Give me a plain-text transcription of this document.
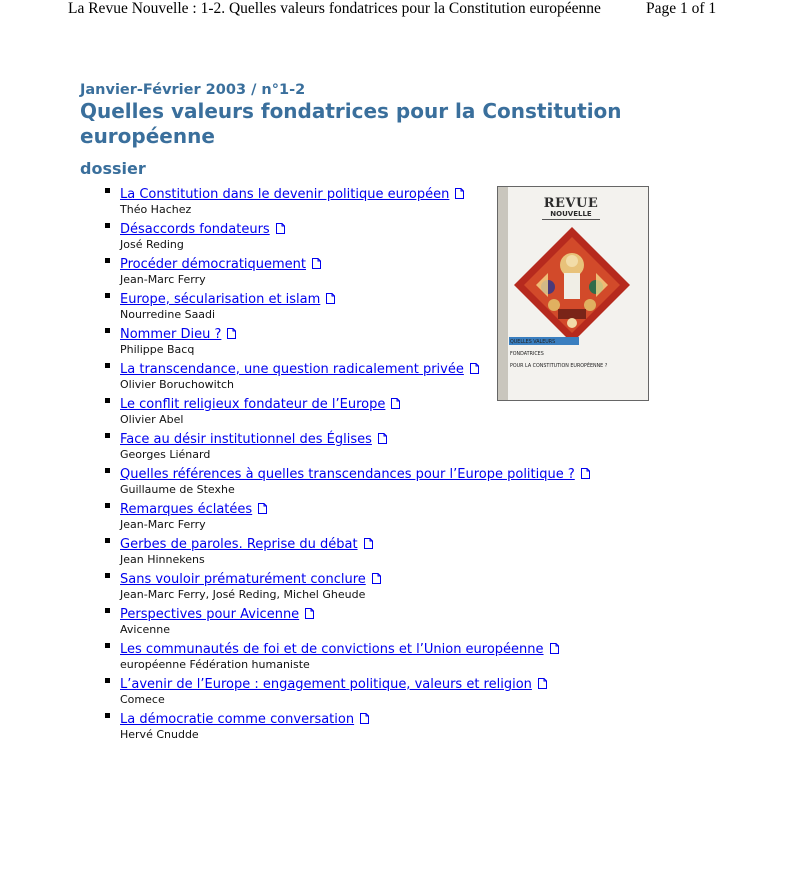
La Revue Nouvelle : 1-2. Quelles valeurs fondatrices pour la Constitution européenne	Page 1 of 1
Janvier-Février 2003 / n°1-2
Quelles valeurs fondatrices pour la Constitution européenne
dossier
La Constitution dans le devenir politique européen
Théo Hachez
Désaccords fondateurs
José Reding
Procéder démocratiquement
Jean-Marc Ferry
Europe, sécularisation et islam
Nourredine Saadi
Nommer Dieu ?
Philippe Bacq
La transcendance, une question radicalement privée
Olivier Boruchowitch
Le conflit religieux fondateur de l’Europe
Olivier Abel
Face au désir institutionnel des Églises
Georges Liénard
Quelles références à quelles transcendances pour l’Europe politique ?
Guillaume de Stexhe
Remarques éclatées
Jean-Marc Ferry
Gerbes de paroles. Reprise du débat
Jean Hinnekens
Sans vouloir prématurément conclure
Jean-Marc Ferry, José Reding, Michel Gheude
Perspectives pour Avicenne
Avicenne
Les communautés de foi et de convictions et l’Union européenne
européenne Fédération humaniste
L’avenir de l’Europe : engagement politique, valeurs et religion
Comece
La démocratie comme conversation
Hervé Cnudde
REVUE
NOUVELLE
QUELLES VALEURS
FONDATRICES
POUR LA CONSTITUTION EUROPÉENNE ?
